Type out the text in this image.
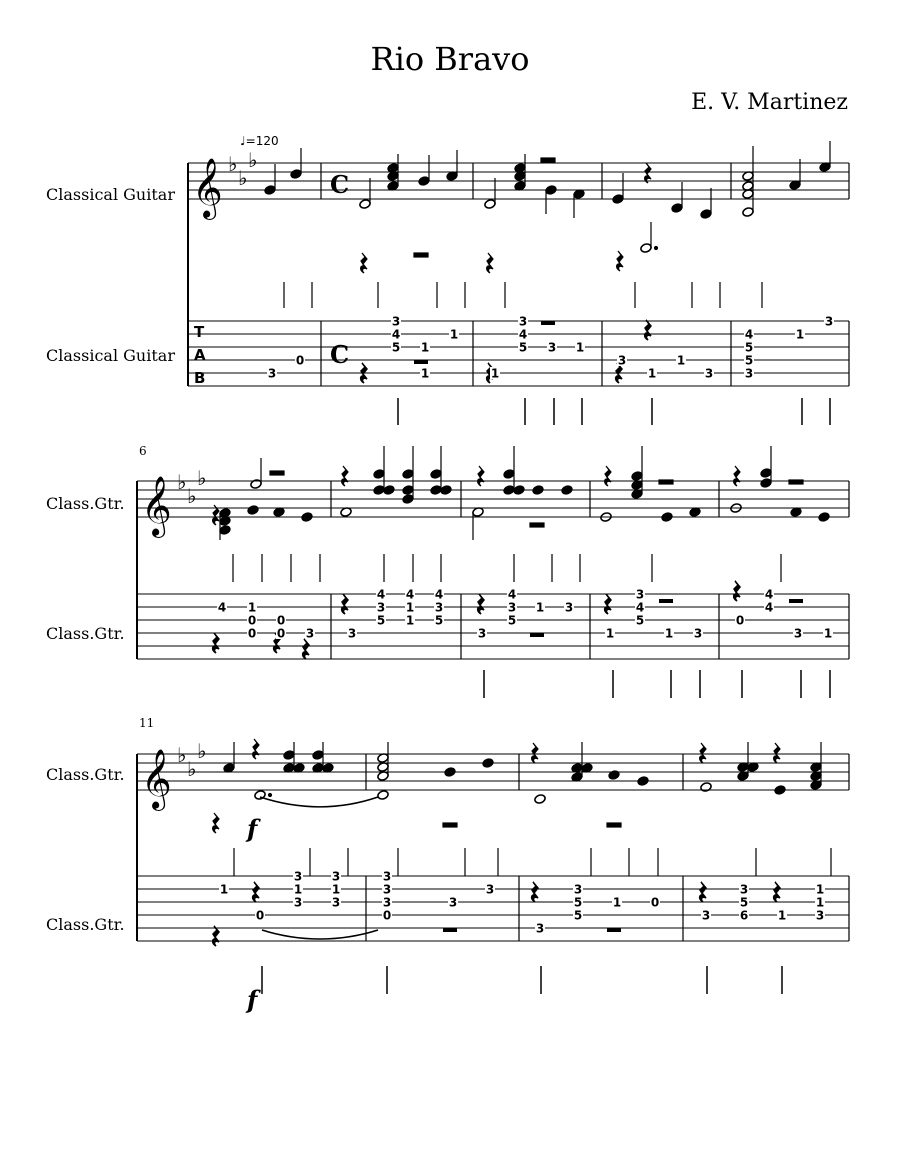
Rio Bravo
E. V. Martinez
♩=120
Classical Guitar
Classical Guitar
Class.Gtr.
Class.Gtr.
Class.Gtr.
Class.Gtr.
6
11
𝄞 ♭
♭
♭
T
A
B
C
C
𝄞 ♭
♭
♭
𝄞 ♭
♭
♭
f
f
3
0
3
4
5 1
1
1
1
3
4
5 3 1
3
1
1
3
4
5
5
3
1
3
4 1
0
0
0
0 3	3
4
3
5
4
1
1
4
3
5
3
4
3
5
1 3
1
3
4
5
1 3
0
4
4
3 1
1
0
3
1
3
3
1
3
3
3
3
0
3
3
3
3
5
5
1 0
3
3
5
6 1
1
1
3
